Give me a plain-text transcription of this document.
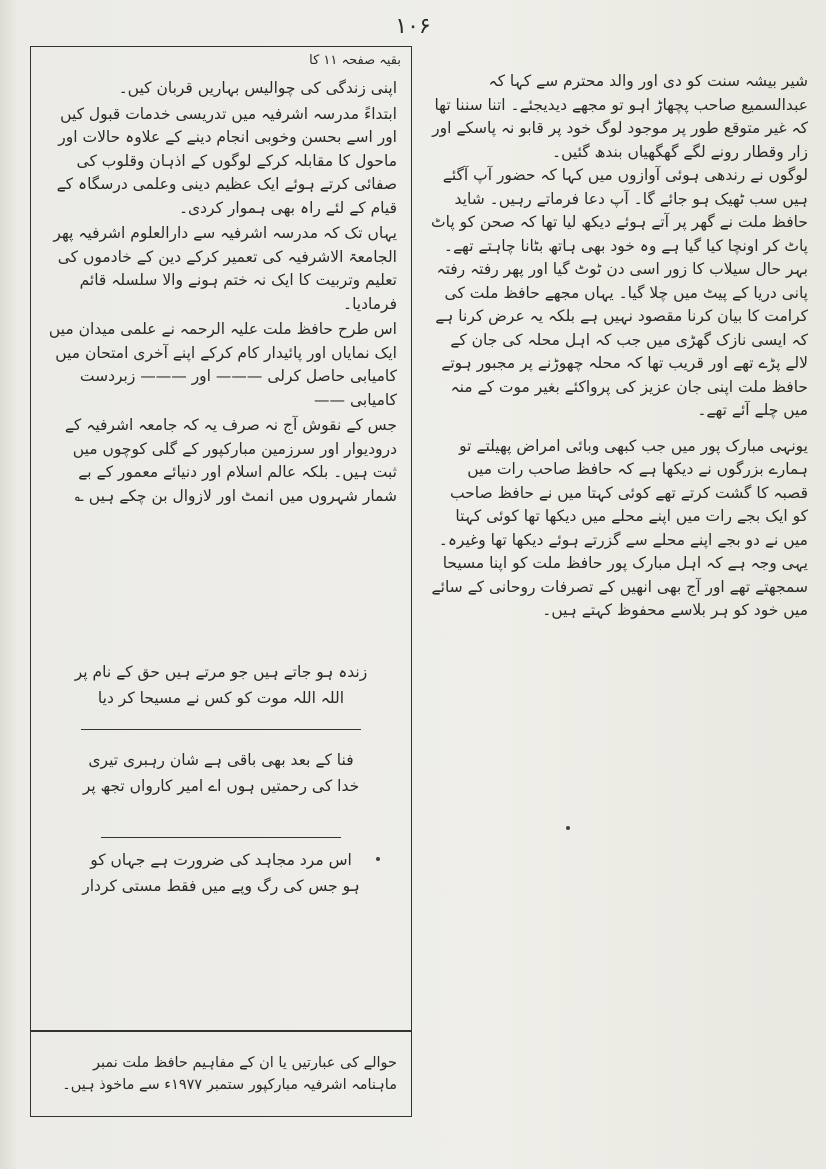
۱۰۶
بقیہ صفحہ ۱۱ کا

اپنی زندگی کی چوالیس بہاریں قربان کیں۔

ابتداءً مدرسہ اشرفیہ میں تدریسی خدمات قبول کیں اور اسے بحسن وخوبی انجام دینے کے علاوہ حالات اور ماحول کا مقابلہ کرکے لوگوں کے اذہان وقلوب کی صفائی کرتے ہوئے ایک عظیم دینی وعلمی درسگاہ کے قیام کے لئے راہ بھی ہموار کردی۔

یہاں تک کہ مدرسہ اشرفیہ سے دارالعلوم اشرفیہ پھر الجامعۃ الاشرفیہ کی تعمیر کرکے دین کے خادموں کی تعلیم وتربیت کا ایک نہ ختم ہونے والا سلسلہ قائم فرمادیا۔

اس طرح حافظ ملت علیہ الرحمہ نے علمی میدان میں ایک نمایاں اور پائیدار کام کرکے اپنے آخری امتحان میں کامیابی حاصل کرلی ——— اور ——— زبردست کامیابی ——

جس کے نقوش آج نہ صرف یہ کہ جامعہ اشرفیہ کے درودیوار اور سرزمین مبارکپور کے گلی کوچوں میں ثبت ہیں۔ بلکہ عالم اسلام اور دنیائے معمور کے بے شمار شہروں میں انمٹ اور لازوال بن چکے ہیں ؎

زندہ ہو جاتے ہیں جو مرتے ہیں حق کے نام پر

اللہ اللہ موت کو کس نے مسیحا کر دیا

فنا کے بعد بھی باقی ہے شان رہبری تیری

خدا کی رحمتیں ہوں اے امیر کارواں تجھ پر

اس مرد مجاہد کی ضرورت ہے جہاں کو

ہو جس کی رگ وپے میں فقط مستی کردار

شیر بیشہ سنت کو دی اور والد محترم سے کہا کہ عبدالسمیع صاحب پچھاڑ اہو تو مجھے دیدیجئے۔ اتنا سننا تھا کہ غیر متوقع طور پر موجود لوگ خود پر قابو نہ پاسکے اور زار وقطار رونے لگے گھگھیاں بندھ گئیں۔

لوگوں نے رندھی ہوئی آوازوں میں کہا کہ حضور آپ آگئے ہیں سب ٹھیک ہو جائے گا۔ آپ دعا فرماتے رہیں۔ شاید حافظ ملت نے گھر پر آتے ہوئے دیکھ لیا تھا کہ صحن کو پاٹ پاٹ کر اونچا کیا گیا ہے وہ خود بھی ہاتھ بٹانا چاہتے تھے۔ بہر حال سیلاب کا زور اسی دن ٹوٹ گیا اور پھر رفتہ رفتہ پانی دریا کے پیٹ میں چلا گیا۔ یہاں مجھے حافظ ملت کی کرامت کا بیان کرنا مقصود نہیں ہے بلکہ یہ عرض کرنا ہے کہ ایسی نازک گھڑی میں جب کہ اہل محلہ کی جان کے لالے پڑے تھے اور قریب تھا کہ محلہ چھوڑنے پر مجبور ہوتے حافظ ملت اپنی جان عزیز کی پرواکئے بغیر موت کے منہ میں چلے آئے تھے۔

یونہی مبارک پور میں جب کبھی وبائی امراض پھیلتے تو ہمارے بزرگوں نے دیکھا ہے کہ حافظ صاحب رات میں قصبہ کا گشت کرتے تھے کوئی کہتا میں نے حافظ صاحب کو ایک بجے رات میں اپنے محلے میں دیکھا تھا کوئی کہتا میں نے دو بجے اپنے محلے سے گزرتے ہوئے دیکھا تھا وغیرہ۔

یہی وجہ ہے کہ اہل مبارک پور حافظ ملت کو اپنا مسیحا سمجھتے تھے اور آج بھی انھیں کے تصرفات روحانی کے سائے میں خود کو ہر بلاسے محفوظ کہتے ہیں۔

حوالے کی عبارتیں یا ان کے مفاہیم حافظ ملت نمبر ماہنامہ اشرفیہ مبارکپور ستمبر ۱۹۷۷ء سے ماخوذ ہیں۔
